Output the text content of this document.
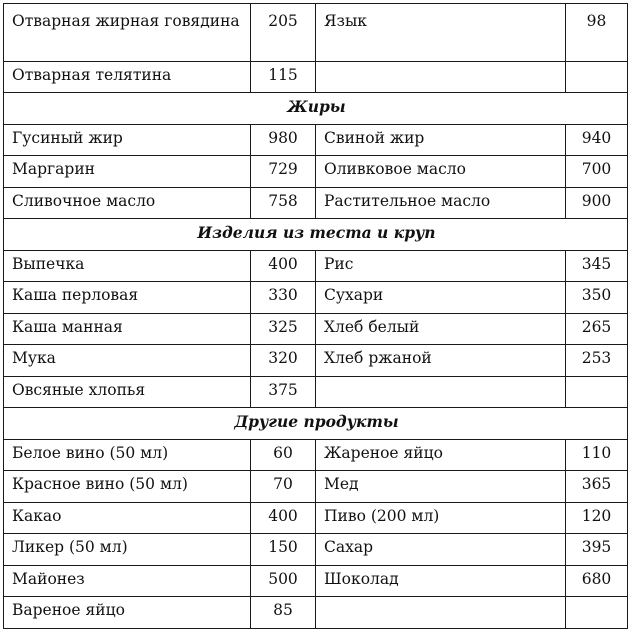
Отварная жирная говядина	205	Язык	98
Отварная телятина	115		
Жиры			
Гусиный жир	980	Свиной жир	940
Маргарин	729	Оливковое масло	700
Сливочное масло	758	Растительное масло	900
Изделия из теста и круп			
Выпечка	400	Рис	345
Каша перловая	330	Сухари	350
Каша манная	325	Хлеб белый	265
Мука	320	Хлеб ржаной	253
Овсяные хлопья	375		
Другие продукты			
Белое вино (50 мл)	60	Жареное яйцо	110
Красное вино (50 мл)	70	Мед	365
Какао	400	Пиво (200 мл)	120
Ликер (50 мл)	150	Сахар	395
Майонез	500	Шоколад	680
Вареное яйцо	85		
